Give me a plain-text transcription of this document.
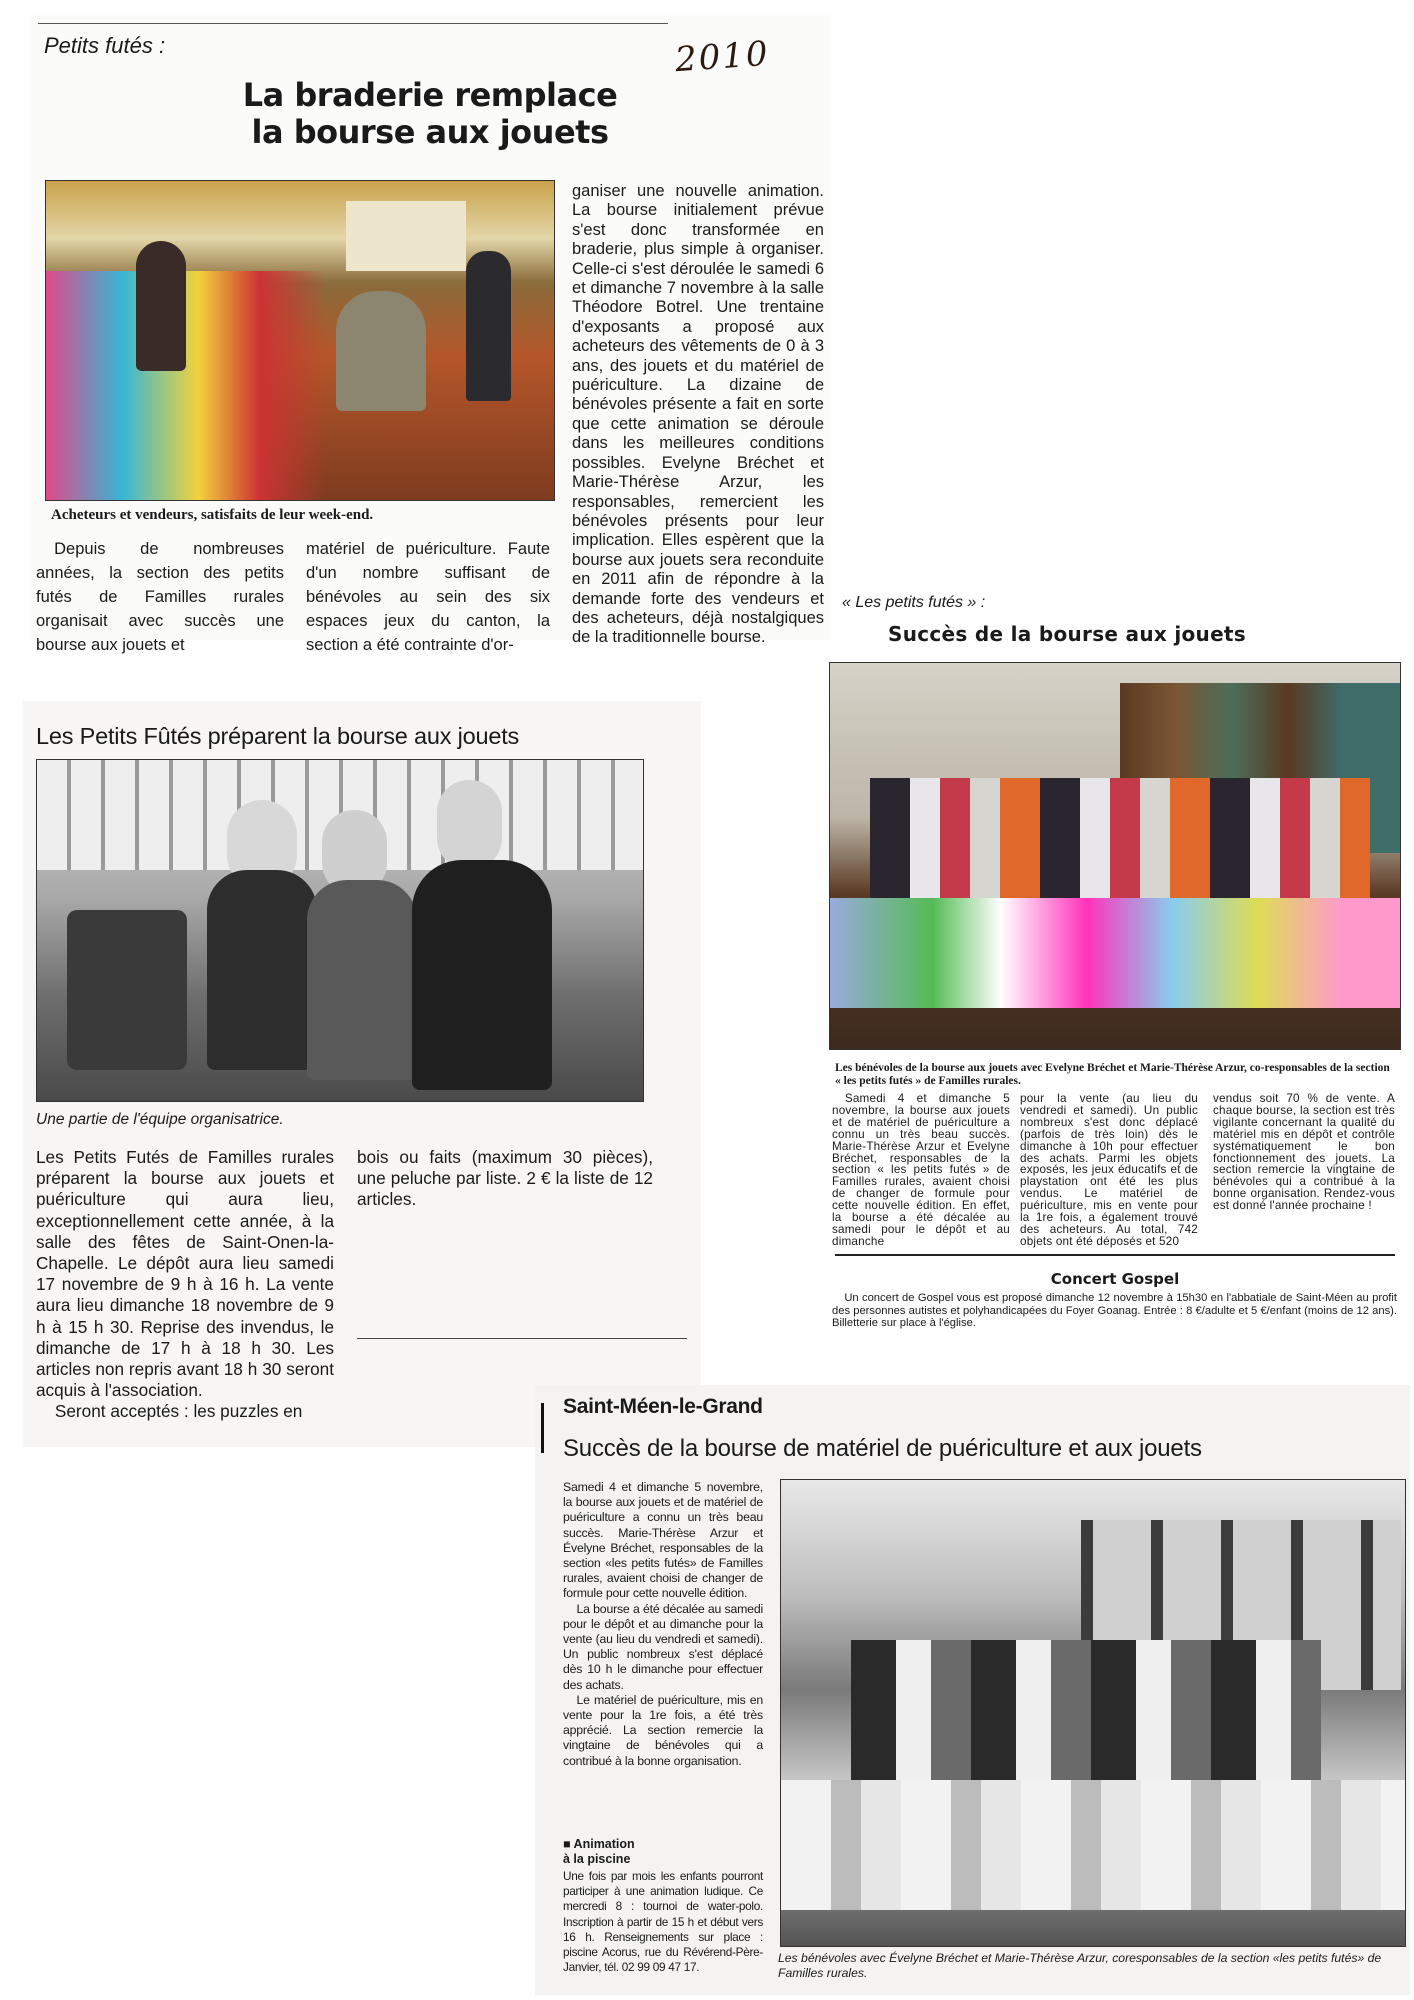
Petits futés :	2010
La braderie remplace
la bourse aux jouets
Acheteurs et vendeurs, satisfaits de leur week-end.
Depuis de nombreuses années, la section des petits futés de Familles rurales organisait avec succès une bourse aux jouets et
matériel de puériculture. Faute d'un nombre suffisant de bénévoles au sein des six espaces jeux du canton, la section a été contrainte d'or-
ganiser une nouvelle animation. La bourse initialement prévue s'est donc transformée en braderie, plus simple à organiser. Celle-ci s'est déroulée le samedi 6 et dimanche 7 novembre à la salle Théodore Botrel. Une trentaine d'exposants a proposé aux acheteurs des vêtements de 0 à 3 ans, des jouets et du matériel de puériculture. La dizaine de bénévoles présente a fait en sorte que cette animation se déroule dans les meilleures conditions possibles. Evelyne Bréchet et Marie-Thérèse Arzur, les responsables, remercient les bénévoles présents pour leur implication. Elles espèrent que la bourse aux jouets sera reconduite en 2011 afin de répondre à la demande forte des vendeurs et des acheteurs, déjà nostalgiques de la traditionnelle bourse.
« Les petits futés » :
Succès de la bourse aux jouets
Les bénévoles de la bourse aux jouets avec Evelyne Bréchet et Marie-Thérèse Arzur, co-responsables de la section « les petits futés » de Familles rurales.
Samedi 4 et dimanche 5 novembre, la bourse aux jouets et de matériel de puériculture a connu un très beau succès. Marie-Thérèse Arzur et Evelyne Bréchet, responsables de la section « les petits futés » de Familles rurales, avaient choisi de changer de formule pour cette nouvelle édition. En effet, la bourse a été décalée au samedi pour le dépôt et au dimanche
pour la vente (au lieu du vendredi et samedi). Un public nombreux s'est donc déplacé (parfois de très loin) dès le dimanche à 10h pour effectuer des achats. Parmi les objets exposés, les jeux éducatifs et de playstation ont été les plus vendus. Le matériel de puériculture, mis en vente pour la 1re fois, a également trouvé des acheteurs. Au total, 742 objets ont été déposés et 520
vendus soit 70 % de vente. A chaque bourse, la section est très vigilante concernant la qualité du matériel mis en dépôt et contrôle systématiquement le bon fonctionnement des jouets. La section remercie la vingtaine de bénévoles qui a contribué à la bonne organisation. Rendez-vous est donné l'année prochaine !
Concert Gospel
Un concert de Gospel vous est proposé dimanche 12 novembre à 15h30 en l'abbatiale de Saint-Méen au profit des personnes autistes et polyhandicapées du Foyer Goanag. Entrée : 8 €/adulte et 5 €/enfant (moins de 12 ans). Billetterie sur place à l'église.
Les Petits Fûtés préparent la bourse aux jouets
Une partie de l'équipe organisatrice.

Les Petits Futés de Familles rurales préparent la bourse aux jouets et puériculture qui aura lieu, exceptionnellement cette année, à la salle des fêtes de Saint-Onen-la-Chapelle. Le dépôt aura lieu samedi 17 novembre de 9 h à 16 h. La vente aura lieu dimanche 18 novembre de 9 h à 15 h 30. Reprise des invendus, le dimanche de 17 h à 18 h 30. Les articles non repris avant 18 h 30 seront acquis à l'association.

Seront acceptés : les puzzles en

bois ou faits (maximum 30 pièces), une peluche par liste. 2 € la liste de 12 articles.
Saint-Méen-le-Grand
Succès de la bourse de matériel de puériculture et aux jouets

Samedi 4 et dimanche 5 novembre, la bourse aux jouets et de matériel de puériculture a connu un très beau succès. Marie-Thérèse Arzur et Évelyne Bréchet, responsables de la section «les petits futés» de Familles rurales, avaient choisi de changer de formule pour cette nouvelle édition.

La bourse a été décalée au samedi pour le dépôt et au dimanche pour la vente (au lieu du vendredi et samedi). Un public nombreux s'est déplacé dès 10 h le dimanche pour effectuer des achats.

Le matériel de puériculture, mis en vente pour la 1re fois, a été très apprécié. La section remercie la vingtaine de bénévoles qui a contribué à la bonne organisation.

■ Animation
à la piscine
Une fois par mois les enfants pourront participer à une animation ludique. Ce mercredi 8 : tournoi de water-polo. Inscription à partir de 15 h et début vers 16 h. Renseignements sur place : piscine Acorus, rue du Révérend-Père-Janvier, tél. 02 99 09 47 17.
Les bénévoles avec Évelyne Bréchet et Marie-Thérèse Arzur, coresponsables de la section «les petits futés» de Familles rurales.
